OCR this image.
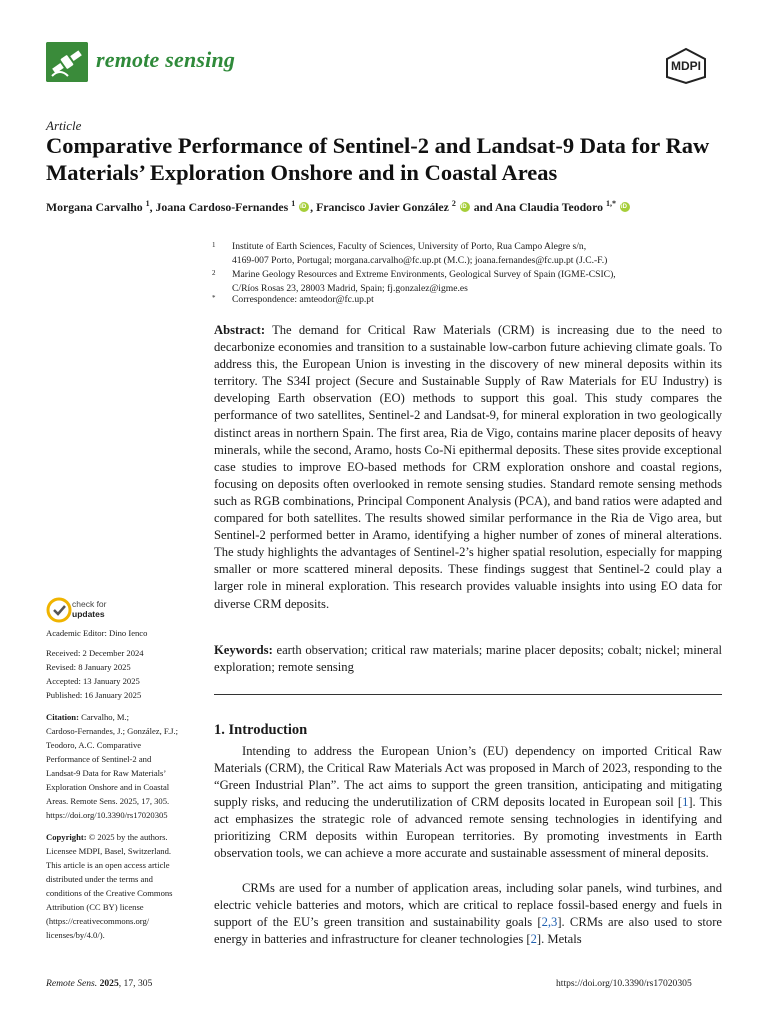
remote sensing	MDPI
Article
Comparative Performance of Sentinel-2 and Landsat-9 Data for Raw Materials’ Exploration Onshore and in Coastal Areas
Morgana Carvalho $^1$, Joana Cardoso-Fernandes $^1$ iD , Francisco Javier González $^2$ iD and Ana Claudia Teodoro $^{1,*}$ iD
1 Institute of Earth Sciences, Faculty of Sciences, University of Porto, Rua Campo Alegre s/n,
4169-007 Porto, Portugal; morgana.carvalho@fc.up.pt (M.C.); joana.fernandes@fc.up.pt (J.C.-F.)
2 Marine Geology Resources and Extreme Environments, Geological Survey of Spain (IGME-CSIC),
C/Ríos Rosas 23, 28003 Madrid, Spain; fj.gonzalez@igme.es
* Correspondence: amteodor@fc.up.pt
Abstract: The demand for Critical Raw Materials (CRM) is increasing due to the need to decarbonize economies and transition to a sustainable low-carbon future achieving climate goals. To address this, the European Union is investing in the discovery of new mineral deposits within its territory. The S34I project (Secure and Sustainable Supply of Raw Materials for EU Industry) is developing Earth observation (EO) methods to support this goal. This study compares the performance of two satellites, Sentinel-2 and Landsat-9, for mineral exploration in two geologically distinct areas in northern Spain. The first area, Ria de Vigo, contains marine placer deposits of heavy minerals, while the second, Aramo, hosts Co-Ni epithermal deposits. These sites provide exceptional case studies to improve EO-based methods for CRM exploration onshore and coastal regions, focusing on deposits often overlooked in remote sensing studies. Standard remote sensing methods such as RGB combinations, Principal Component Analysis (PCA), and band ratios were adapted and compared for both satellites. The results showed similar performance in the Ria de Vigo area, but Sentinel-2 performed better in Aramo, identifying a higher number of zones of mineral alterations. The study highlights the advantages of Sentinel-2’s higher spatial resolution, especially for mapping smaller or more scattered mineral deposits. These findings suggest that Sentinel-2 could play a larger role in mineral exploration. This research provides valuable insights into using EO data for diverse CRM deposits.
Keywords: earth observation; critical raw materials; marine placer deposits; cobalt; nickel; mineral exploration; remote sensing
1. Introduction
Intending to address the European Union’s (EU) dependency on imported Critical Raw Materials (CRM), the Critical Raw Materials Act was proposed in March of 2023, responding to the “Green Industrial Plan”. The act aims to support the green transition, anticipating and mitigating supply risks, and reducing the underutilization of CRM deposits located in European soil [1]. This act emphasizes the strategic role of advanced remote sensing technologies in identifying and prioritizing CRM deposits within European territories. By promoting investments in Earth observation tools, we can achieve a more accurate and sustainable assessment of mineral deposits.
CRMs are used for a number of application areas, including solar panels, wind turbines, and electric vehicle batteries and motors, which are critical to replace fossil-based energy and fuels in support of the EU’s green transition and sustainability goals [2,3]. CRMs are also used to store energy in batteries and infrastructure for cleaner technologies [2]. Metals
check for
updates
Academic Editor: Dino Ienco
Received: 2 December 2024
Revised: 8 January 2025
Accepted: 13 January 2025
Published: 16 January 2025
Citation: Carvalho, M.;
Cardoso-Fernandes, J.; González, F.J.;
Teodoro, A.C. Comparative
Performance of Sentinel-2 and
Landsat-9 Data for Raw Materials’
Exploration Onshore and in Coastal
Areas. Remote Sens. 2025, 17, 305.
https://doi.org/10.3390/rs17020305
Copyright: © 2025 by the authors.
Licensee MDPI, Basel, Switzerland.
This article is an open access article
distributed under the terms and
conditions of the Creative Commons
Attribution (CC BY) license
(https://creativecommons.org/
licenses/by/4.0/).
Remote Sens. 2025, 17, 305	https://doi.org/10.3390/rs17020305
